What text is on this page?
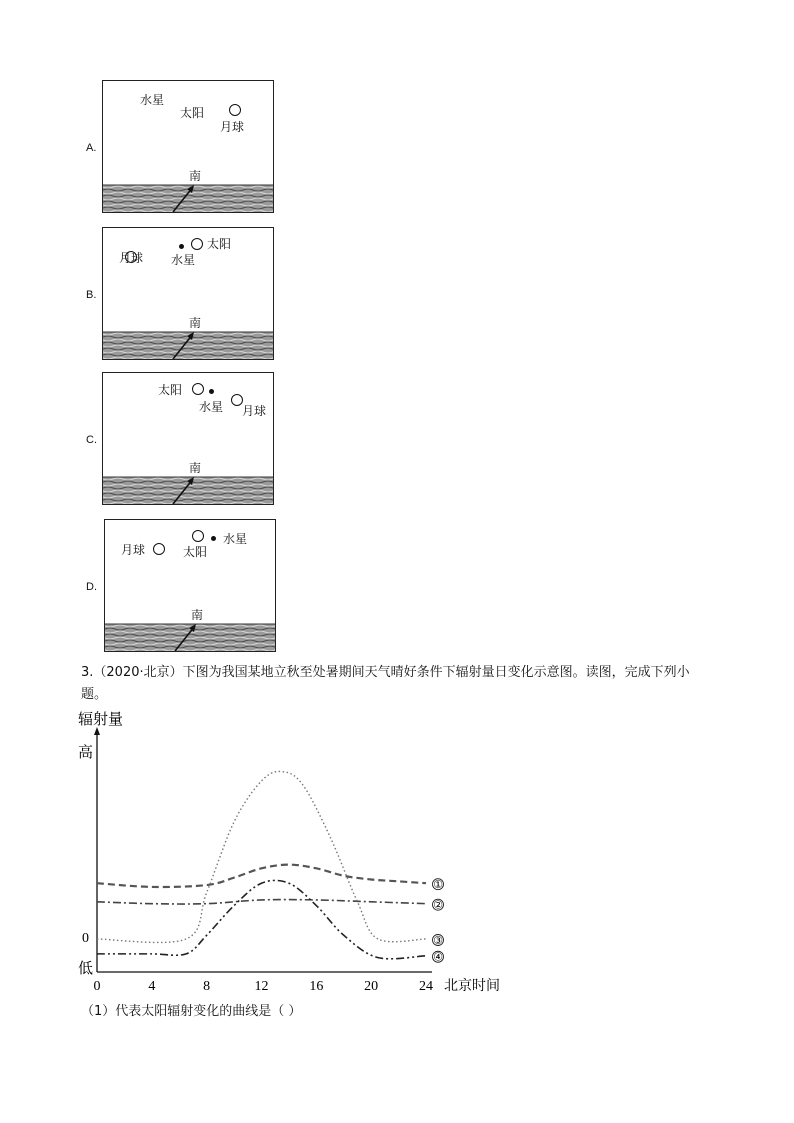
A.
太阳
水星
月球
南
B.
太阳
水星
月球
南
C.
太阳
水星 月球
南
D.
太阳
水星
月球
南
3.（2020·北京）下图为我国某地立秋至处暑期间天气晴好条件下辐射量日变化示意图。读图，完成下列小
题。
（1）代表太阳辐射变化的曲线是（ ）
辐射量
高
0
低
0	4	8	12	16	20	24 北京时间
①
②
③
④
